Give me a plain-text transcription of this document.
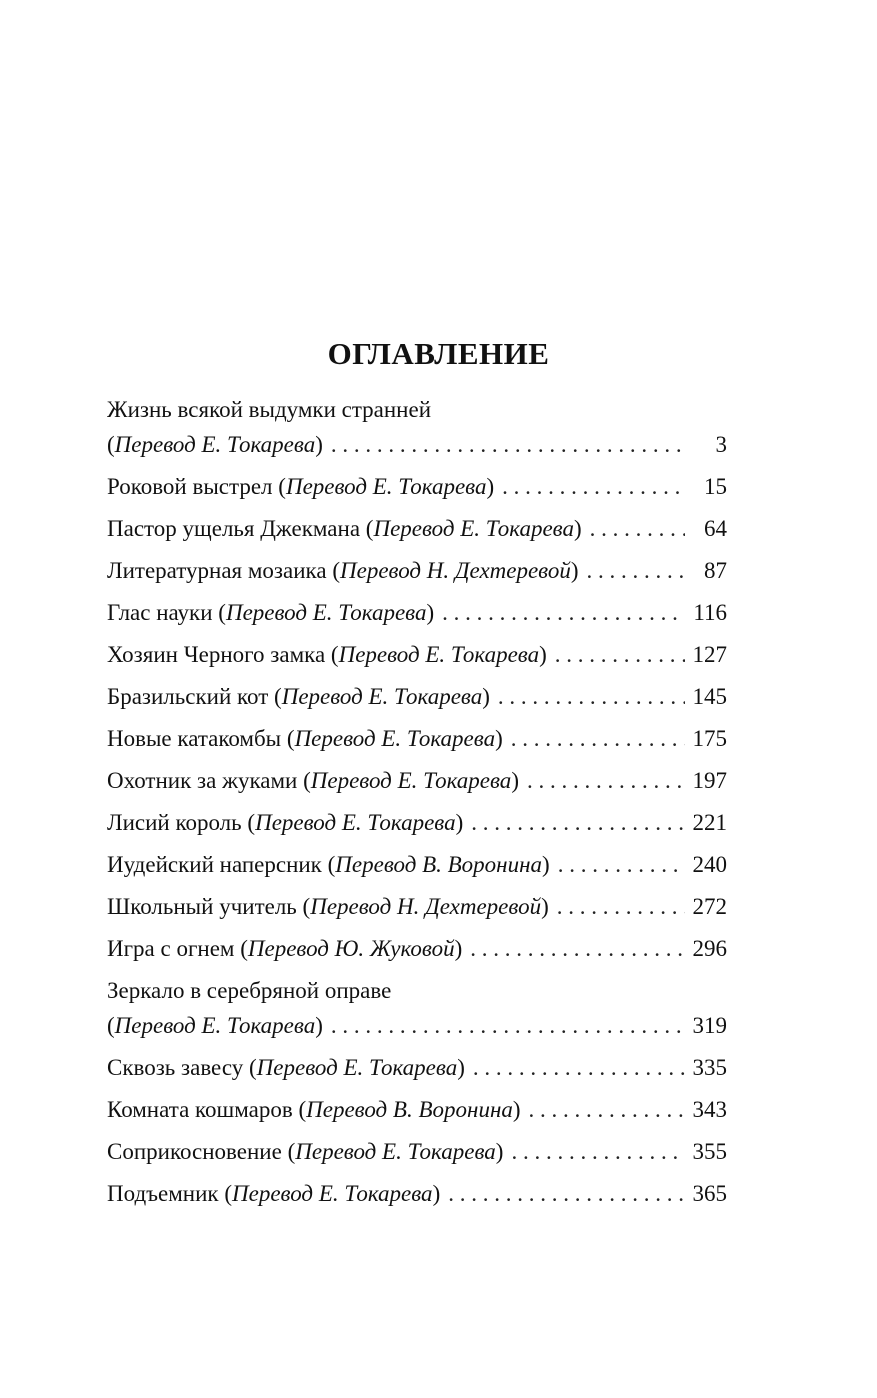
ОГЛАВЛЕНИЕ
Жизнь всякой выдумки странней
(Перевод Е. Токарева) . . .	3
Роковой выстрел (Перевод Е. Токарева) . . .	15
Пастор ущелья Джекмана (Перевод Е. Токарева) . . .	64
Литературная мозаика (Перевод Н. Дехтеревой) . . .	87
Глас науки (Перевод Е. Токарева) . . .	116
Хозяин Черного замка (Перевод Е. Токарева) . . .	127
Бразильский кот (Перевод Е. Токарева) . . .	145
Новые катакомбы (Перевод Е. Токарева) . . .	175
Охотник за жуками (Перевод Е. Токарева) . . .	197
Лисий король (Перевод Е. Токарева) . . .	221
Иудейский наперсник (Перевод В. Воронина) . . .	240
Школьный учитель (Перевод Н. Дехтеревой) . . .	272
Игра с огнем (Перевод Ю. Жуковой) . . .	296
Зеркало в серебряной оправе
(Перевод Е. Токарева) . . .	319
Сквозь завесу (Перевод Е. Токарева) . . .	335
Комната кошмаров (Перевод В. Воронина) . . .	343
Соприкосновение (Перевод Е. Токарева) . . .	355
Подъемник (Перевод Е. Токарева) . . .	365
